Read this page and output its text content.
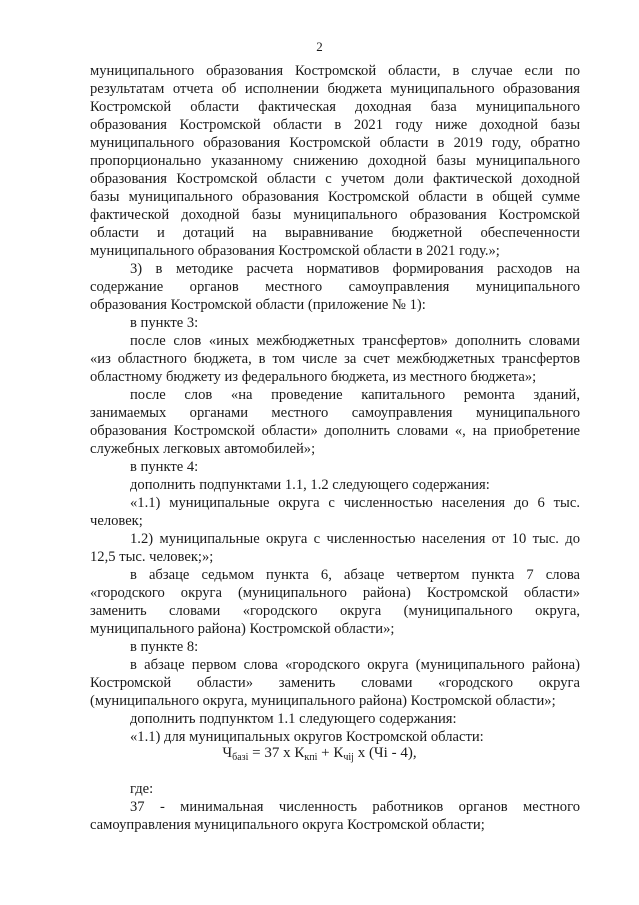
2
муниципального образования Костромской области, в случае если по
результатам отчета об исполнении бюджета муниципального образования
Костромской области фактическая доходная база муниципального
образования Костромской области в 2021 году ниже доходной базы
муниципального образования Костромской области в 2019 году, обратно
пропорционально указанному снижению доходной базы муниципального
образования Костромской области с учетом доли фактической доходной
базы муниципального образования Костромской области в общей сумме
фактической доходной базы муниципального образования Костромской
области и дотаций на выравнивание бюджетной обеспеченности
муниципального образования Костромской области в 2021 году.»;
3) в методике расчета нормативов формирования расходов на
содержание органов местного самоуправления муниципального
образования Костромской области (приложение № 1):
в пункте 3:
после слов «иных межбюджетных трансфертов» дополнить словами
«из областного бюджета, в том числе за счет межбюджетных трансфертов
областному бюджету из федерального бюджета, из местного бюджета»;
после слов «на проведение капитального ремонта зданий,
занимаемых органами местного самоуправления муниципального
образования Костромской области» дополнить словами «, на приобретение
служебных легковых автомобилей»;
в пункте 4:
дополнить подпунктами 1.1, 1.2 следующего содержания:
«1.1) муниципальные округа с численностью населения до 6 тыс.
человек;
1.2) муниципальные округа с численностью населения от 10 тыс. до
12,5 тыс. человек;»;
в абзаце седьмом пункта 6, абзаце четвертом пункта 7 слова
«городского округа (муниципального района) Костромской области»
заменить словами «городского округа (муниципального округа,
муниципального района) Костромской области»;
в пункте 8:
в абзаце первом слова «городского округа (муниципального района)
Костромской области» заменить словами «городского округа
(муниципального округа, муниципального района) Костромской области»;
дополнить подпунктом 1.1 следующего содержания:
«1.1) для муниципальных округов Костромской области:
$Ч_{базi} = 37$ х $К_{кпi} + К_{чij}$ х (Чi - 4),
где:
37 - минимальная численность работников органов местного
самоуправления муниципального округа Костромской области;
